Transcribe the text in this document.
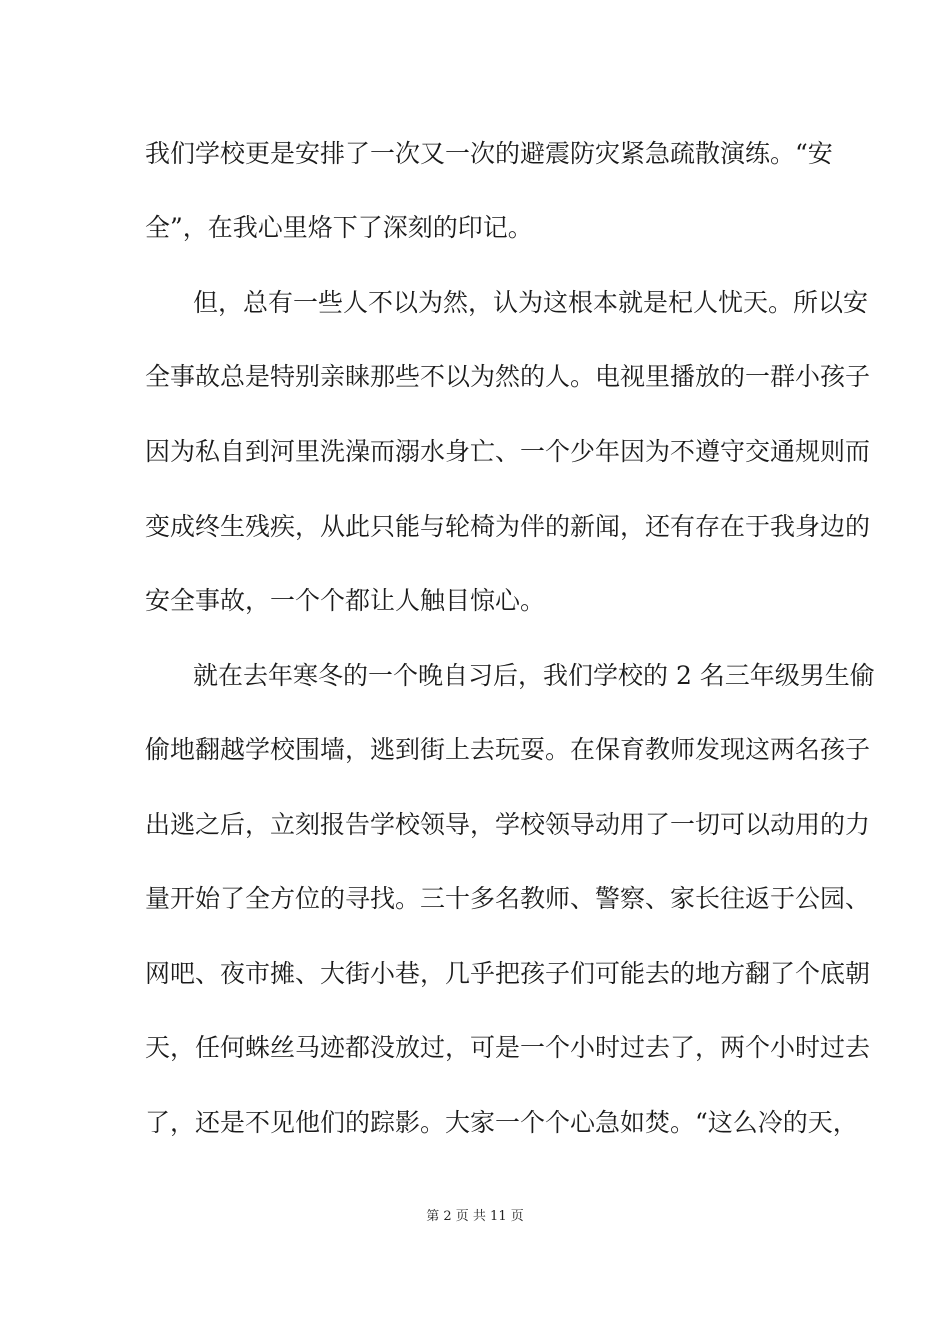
我们学校更是安排了一次又一次的避震防灾紧急疏散演练。“安
全”，在我心里烙下了深刻的印记。
但，总有一些人不以为然，认为这根本就是杞人忧天。所以安
全事故总是特别亲睐那些不以为然的人。电视里播放的一群小孩子
因为私自到河里洗澡而溺水身亡、一个少年因为不遵守交通规则而
变成终生残疾，从此只能与轮椅为伴的新闻，还有存在于我身边的
安全事故，一个个都让人触目惊心。
就在去年寒冬的一个晚自习后，我们学校的 2 名三年级男生偷
偷地翻越学校围墙，逃到街上去玩耍。在保育教师发现这两名孩子
出逃之后，立刻报告学校领导，学校领导动用了一切可以动用的力
量开始了全方位的寻找。三十多名教师、警察、家长往返于公园、
网吧、夜市摊、大街小巷，几乎把孩子们可能去的地方翻了个底朝
天，任何蛛丝马迹都没放过，可是一个小时过去了，两个小时过去
了，还是不见他们的踪影。大家一个个心急如焚。“这么冷的天，
第 2 页 共 11 页
